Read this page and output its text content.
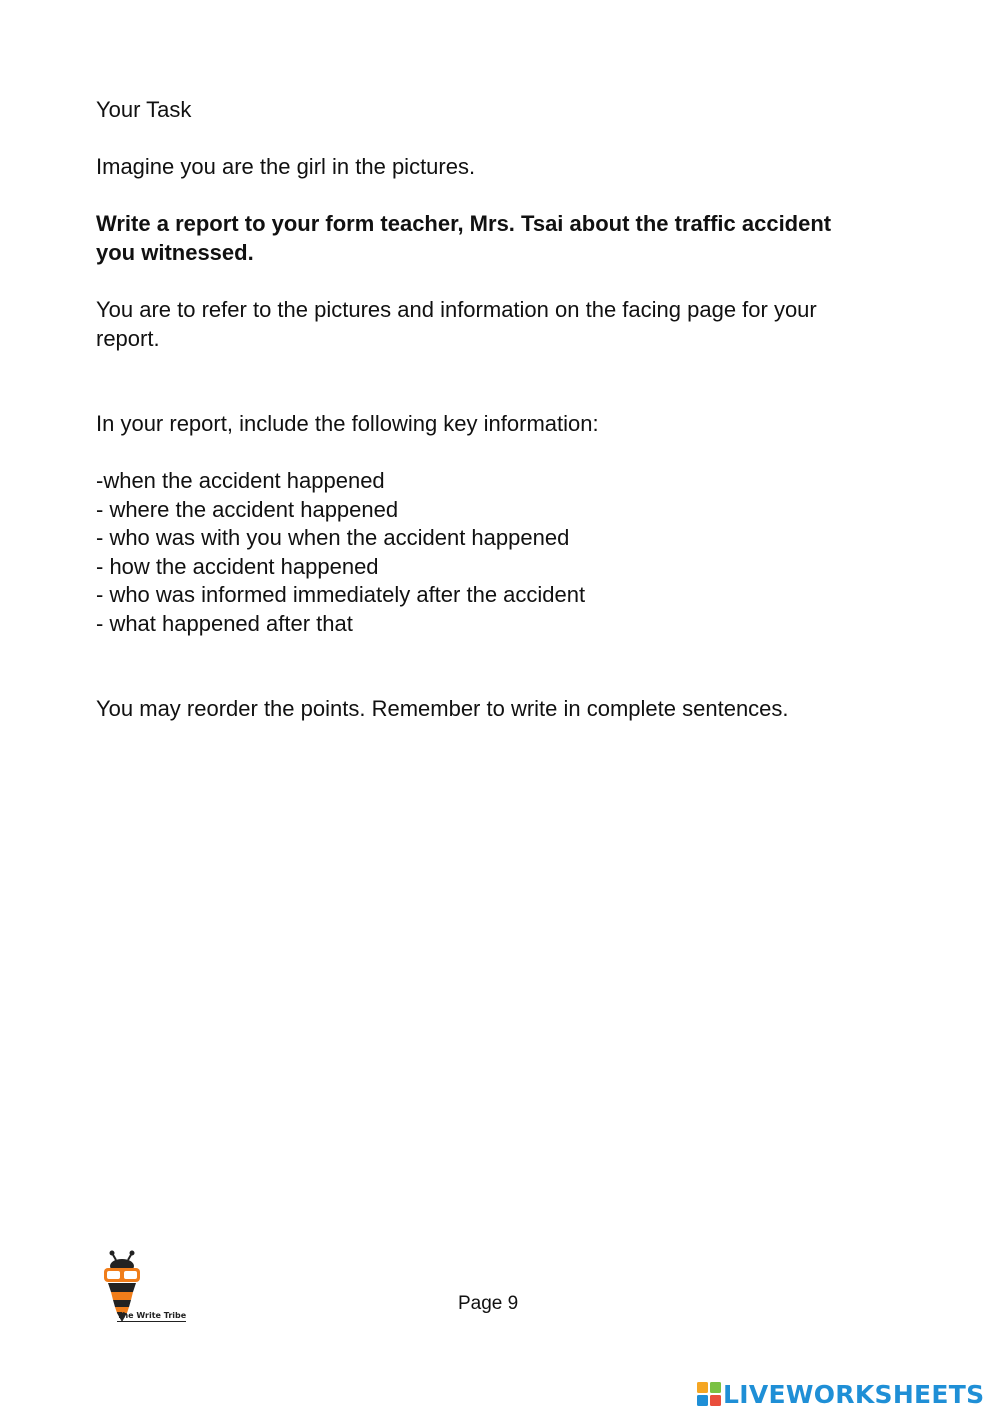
Your Task
Imagine you are the girl in the pictures.
Write a report to your form teacher, Mrs. Tsai about the traffic accident
you witnessed.
You are to refer to the pictures and information on the facing page for your
report.
In your report, include the following key information:
-when the accident happened
- where the accident happened
- who was with you when the accident happened
- how the accident happened
- who was informed immediately after the accident
- what happened after that
You may reorder the points. Remember to write in complete sentences.
The Write Tribe
Page 9
LIVEWORKSHEETS
